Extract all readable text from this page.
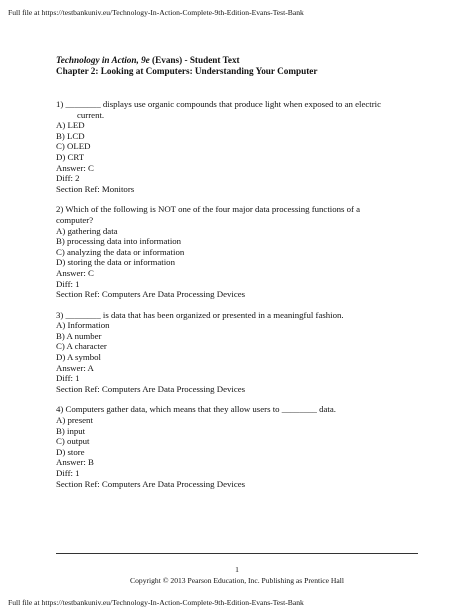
Full file at https://testbankuniv.eu/Technology-In-Action-Complete-9th-Edition-Evans-Test-Bank
Technology in Action, 9e (Evans) - Student Text
Chapter 2: Looking at Computers: Understanding Your Computer
1) ________ displays use organic compounds that produce light when exposed to an electric
current.
A) LED
B) LCD
C) OLED
D) CRT
Answer: C
Diff: 2
Section Ref: Monitors
2) Which of the following is NOT one of the four major data processing functions of a
computer?
A) gathering data
B) processing data into information
C) analyzing the data or information
D) storing the data or information
Answer: C
Diff: 1
Section Ref: Computers Are Data Processing Devices
3) ________ is data that has been organized or presented in a meaningful fashion.
A) Information
B) A number
C) A character
D) A symbol
Answer: A
Diff: 1
Section Ref: Computers Are Data Processing Devices
4) Computers gather data, which means that they allow users to ________ data.
A) present
B) input
C) output
D) store
Answer: B
Diff: 1
Section Ref: Computers Are Data Processing Devices
1
Copyright © 2013 Pearson Education, Inc. Publishing as Prentice Hall
Full file at https://testbankuniv.eu/Technology-In-Action-Complete-9th-Edition-Evans-Test-Bank
